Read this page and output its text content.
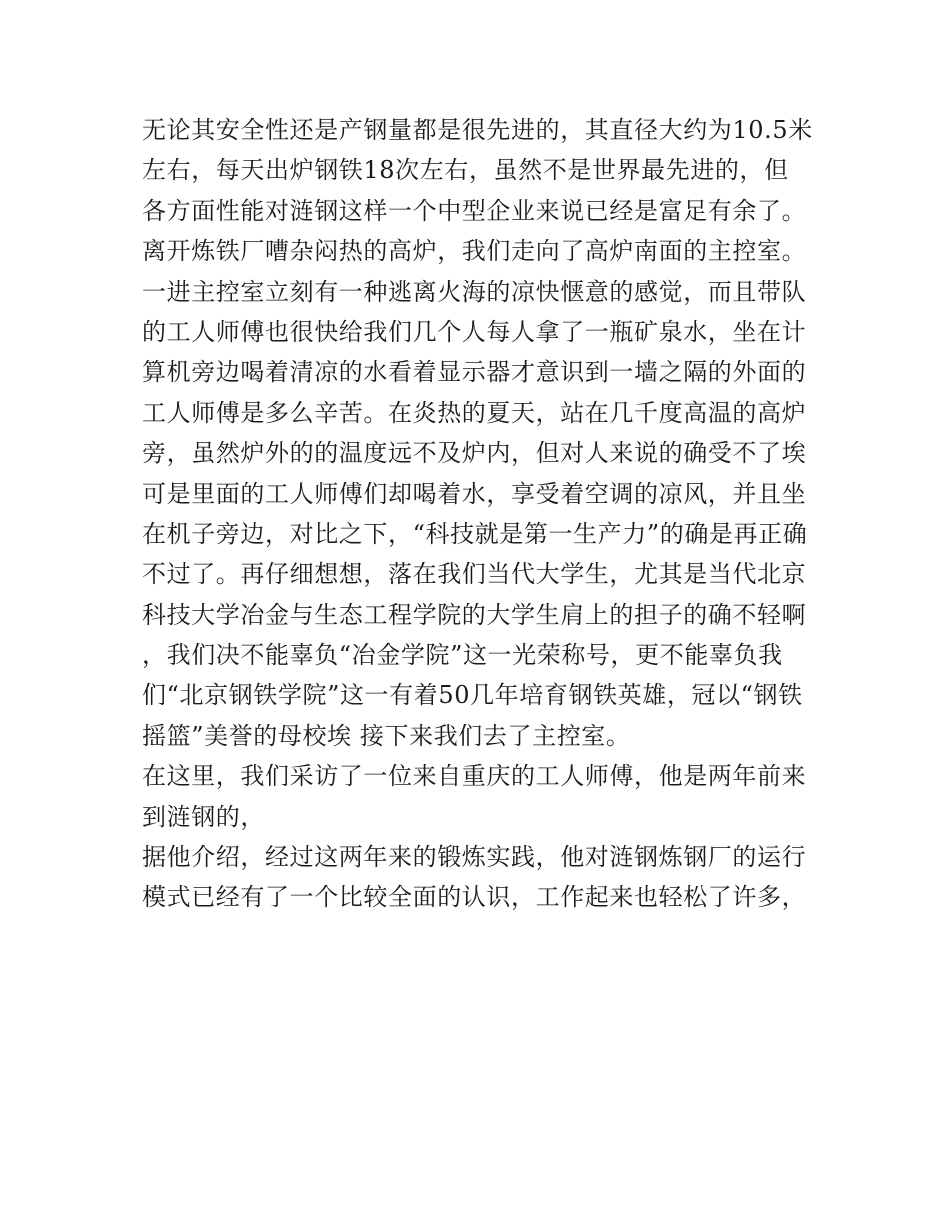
无论其安全性还是产钢量都是很先进的，其直径大约为10.5米
左右，每天出炉钢铁18次左右，虽然不是世界最先进的，但
各方面性能对涟钢这样一个中型企业来说已经是富足有余了。
离开炼铁厂嘈杂闷热的高炉，我们走向了高炉南面的主控室。
一进主控室立刻有一种逃离火海的凉快惬意的感觉，而且带队
的工人师傅也很快给我们几个人每人拿了一瓶矿泉水，坐在计
算机旁边喝着清凉的水看着显示器才意识到一墙之隔的外面的
工人师傅是多么辛苦。在炎热的夏天，站在几千度高温的高炉
旁，虽然炉外的的温度远不及炉内，但对人来说的确受不了埃
可是里面的工人师傅们却喝着水，享受着空调的凉风，并且坐
在机子旁边，对比之下，“科技就是第一生产力”的确是再正确
不过了。再仔细想想，落在我们当代大学生，尤其是当代北京
科技大学冶金与生态工程学院的大学生肩上的担子的确不轻啊
，我们决不能辜负“冶金学院”这一光荣称号，更不能辜负我
们“北京钢铁学院”这一有着50几年培育钢铁英雄，冠以“钢铁
摇篮”美誉的母校埃 接下来我们去了主控室。
在这里，我们采访了一位来自重庆的工人师傅，他是两年前来
到涟钢的，
据他介绍，经过这两年来的锻炼实践，他对涟钢炼钢厂的运行
模式已经有了一个比较全面的认识，工作起来也轻松了许多，
